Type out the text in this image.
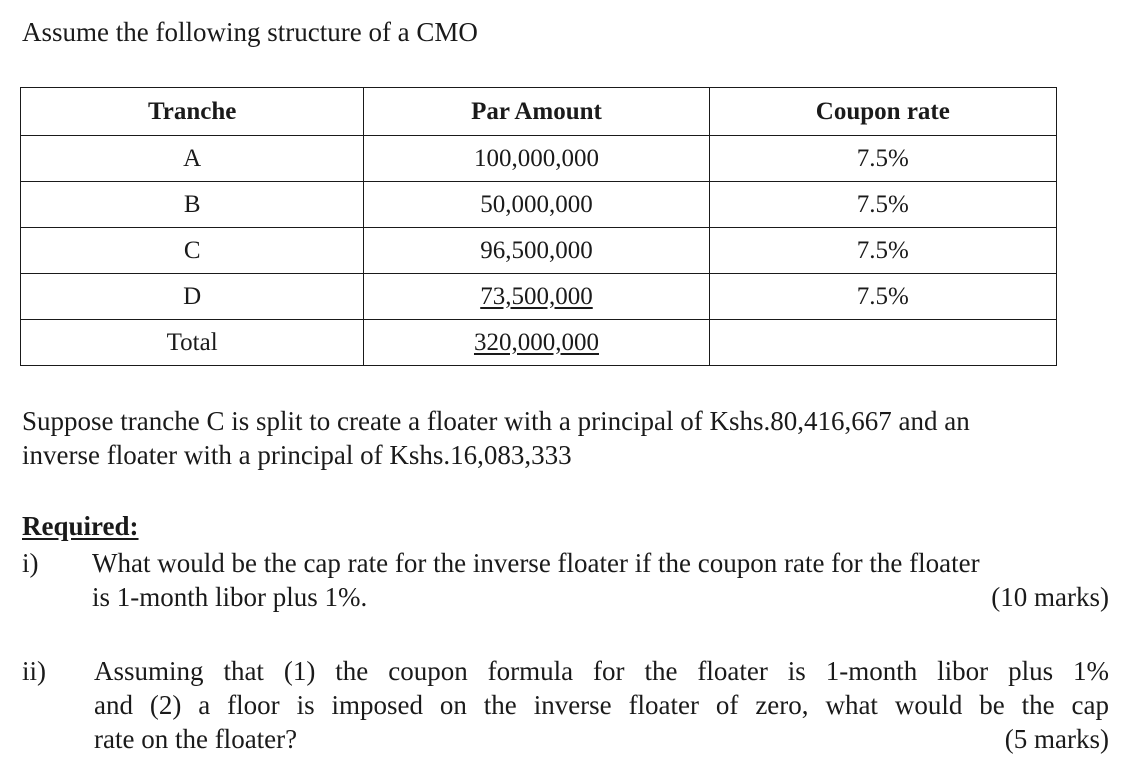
Assume the following structure of a CMO
Tranche	Par Amount	Coupon rate
A	100,000,000	7.5%
B	50,000,000	7.5%
C	96,500,000	7.5%
D	73,500,000	7.5%
Total	320,000,000	
Suppose tranche C is split to create a floater with a principal of Kshs.80,416,667 and an
inverse floater with a principal of Kshs.16,083,333
Required:
i) What would be the cap rate for the inverse floater if the coupon rate for the floater
is 1-month libor plus 1%.	(10 marks)
ii) Assuming that (1) the coupon formula for the floater is 1-month libor plus 1%
and (2) a floor is imposed on the inverse floater of zero, what would be the cap
rate on the floater?	(5 marks)
